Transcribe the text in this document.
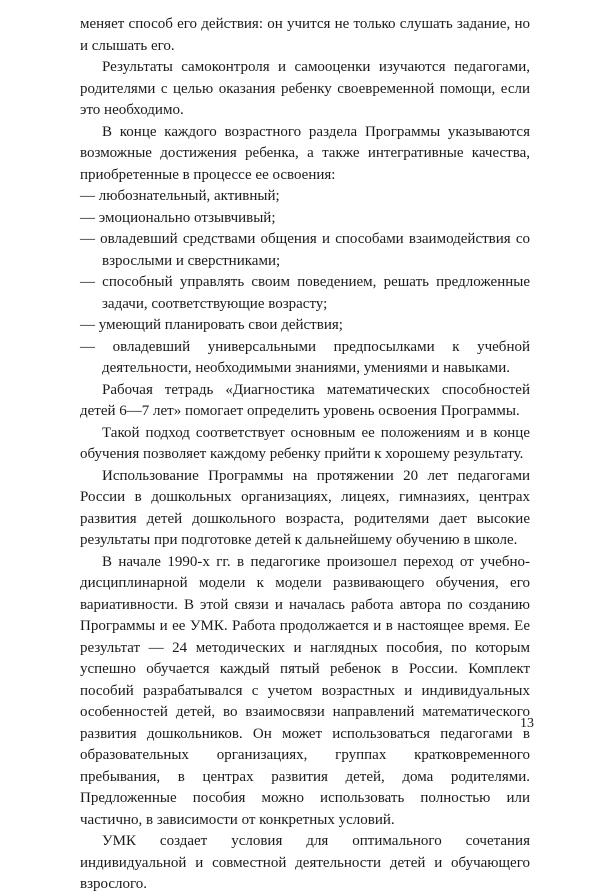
меняет способ его действия: он учится не только слушать задание, но и слышать его.

Результаты самоконтроля и самооценки изучаются педагогами, родителями с целью оказания ребенку своевременной помощи, если это необходимо.

В конце каждого возрастного раздела Программы указываются возможные достижения ребенка, а также интегративные качества, приобретенные в процессе ее освоения:

— любознательный, активный;

— эмоционально отзывчивый;

— овладевший средствами общения и способами взаимодействия со взрослыми и сверстниками;

— способный управлять своим поведением, решать предложенные задачи, соответствующие возрасту;

— умеющий планировать свои действия;

— овладевший универсальными предпосылками к учебной деятельности, необходимыми знаниями, умениями и навыками.

Рабочая тетрадь «Диагностика математических способностей детей 6—7 лет» помогает определить уровень освоения Программы.

Такой подход соответствует основным ее положениям и в конце обучения позволяет каждому ребенку прийти к хорошему результату.

Использование Программы на протяжении 20 лет педагогами России в дошкольных организациях, лицеях, гимназиях, центрах развития детей дошкольного возраста, родителями дает высокие результаты при подготовке детей к дальнейшему обучению в школе.

В начале 1990-х гг. в педагогике произошел переход от учебно-дисциплинарной модели к модели развивающего обучения, его вариативности. В этой связи и началась работа автора по созданию Программы и ее УМК. Работа продолжается и в настоящее время. Ее результат — 24 методических и наглядных пособия, по которым успешно обучается каждый пятый ребенок в России. Комплект пособий разрабатывался с учетом возрастных и индивидуальных особенностей детей, во взаимосвязи направлений математического развития дошкольников. Он может использоваться педагогами в образовательных организациях, группах кратковременного пребывания, в центрах развития детей, дома родителями. Предложенные пособия можно использовать полностью или частично, в зависимости от конкретных условий.

УМК создает условия для оптимального сочетания индивидуальной и совместной деятельности детей и обучающего взрослого.

13
